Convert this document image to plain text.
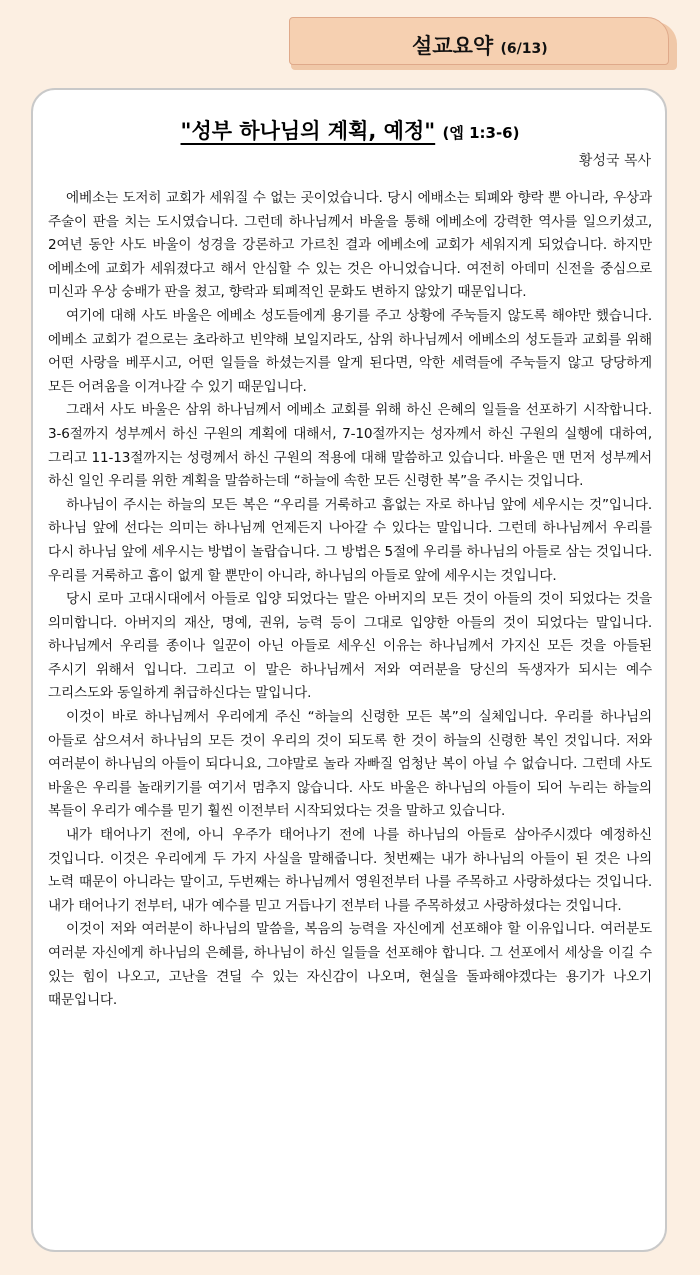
설교요약 (6/13)
"성부 하나님의 계획, 예정" (엡 1:3-6)
황성국 목사

에베소는 도저히 교회가 세워질 수 없는 곳이었습니다. 당시 에배소는 퇴폐와 향락 뿐 아니라, 우상과 주술이 판을 치는 도시였습니다. 그런데 하나님께서 바울을 통해 에베소에 강력한 역사를 일으키셨고, 2여년 동안 사도 바울이 성경을 강론하고 가르친 결과 에베소에 교회가 세워지게 되었습니다. 하지만 에베소에 교회가 세워졌다고 해서 안심할 수 있는 것은 아니었습니다. 여전히 아데미 신전을 중심으로 미신과 우상 숭배가 판을 쳤고, 향락과 퇴폐적인 문화도 변하지 않았기 때문입니다.

여기에 대해 사도 바울은 에베소 성도들에게 용기를 주고 상황에 주눅들지 않도록 해야만 했습니다. 에베소 교회가 겉으로는 초라하고 빈약해 보일지라도, 삼위 하나님께서 에베소의 성도들과 교회를 위해 어떤 사랑을 베푸시고, 어떤 일들을 하셨는지를 알게 된다면, 악한 세력들에 주눅들지 않고 당당하게 모든 어려움을 이겨나갈 수 있기 때문입니다.

그래서 사도 바울은 삼위 하나님께서 에베소 교회를 위해 하신 은혜의 일들을 선포하기 시작합니다. 3-6절까지 성부께서 하신 구원의 계획에 대해서, 7-10절까지는 성자께서 하신 구원의 실행에 대하여, 그리고 11-13절까지는 성령께서 하신 구원의 적용에 대해 말씀하고 있습니다. 바울은 맨 먼저 성부께서 하신 일인 우리를 위한 계획을 말씀하는데 “하늘에 속한 모든 신령한 복”을 주시는 것입니다.

하나님이 주시는 하늘의 모든 복은 “우리를 거룩하고 흠없는 자로 하나님 앞에 세우시는 것”입니다. 하나님 앞에 선다는 의미는 하나님께 언제든지 나아갈 수 있다는 말입니다. 그런데 하나님께서 우리를 다시 하나님 앞에 세우시는 방법이 놀랍습니다. 그 방법은 5절에 우리를 하나님의 아들로 삼는 것입니다. 우리를 거룩하고 흠이 없게 할 뿐만이 아니라, 하나님의 아들로 앞에 세우시는 것입니다.

당시 로마 고대시대에서 아들로 입양 되었다는 말은 아버지의 모든 것이 아들의 것이 되었다는 것을 의미합니다. 아버지의 재산, 명예, 권위, 능력 등이 그대로 입양한 아들의 것이 되었다는 말입니다. 하나님께서 우리를 종이나 일꾼이 아닌 아들로 세우신 이유는 하나님께서 가지신 모든 것을 아들된 주시기 위해서 입니다. 그리고 이 말은 하나님께서 저와 여러분을 당신의 독생자가 되시는 예수 그리스도와 동일하게 취급하신다는 말입니다.

이것이 바로 하나님께서 우리에게 주신 “하늘의 신령한 모든 복”의 실체입니다. 우리를 하나님의 아들로 삼으셔서 하나님의 모든 것이 우리의 것이 되도록 한 것이 하늘의 신령한 복인 것입니다. 저와 여러분이 하나님의 아들이 되다니요, 그야말로 놀라 자빠질 엄청난 복이 아닐 수 없습니다. 그런데 사도 바울은 우리를 놀래키기를 여기서 멈추지 않습니다. 사도 바울은 하나님의 아들이 되어 누리는 하늘의 복들이 우리가 예수를 믿기 훨씬 이전부터 시작되었다는 것을 말하고 있습니다.

내가 태어나기 전에, 아니 우주가 태어나기 전에 나를 하나님의 아들로 삼아주시겠다 예정하신 것입니다. 이것은 우리에게 두 가지 사실을 말해줍니다. 첫번째는 내가 하나님의 아들이 된 것은 나의 노력 때문이 아니라는 말이고, 두번째는 하나님께서 영원전부터 나를 주목하고 사랑하셨다는 것입니다. 내가 태어나기 전부터, 내가 예수를 믿고 거듭나기 전부터 나를 주목하셨고 사랑하셨다는 것입니다.

이것이 저와 여러분이 하나님의 말씀을, 복음의 능력을 자신에게 선포해야 할 이유입니다. 여러분도 여러분 자신에게 하나님의 은혜를, 하나님이 하신 일들을 선포해야 합니다. 그 선포에서 세상을 이길 수 있는 힘이 나오고, 고난을 견딜 수 있는 자신감이 나오며, 현실을 돌파해야겠다는 용기가 나오기 때문입니다.
